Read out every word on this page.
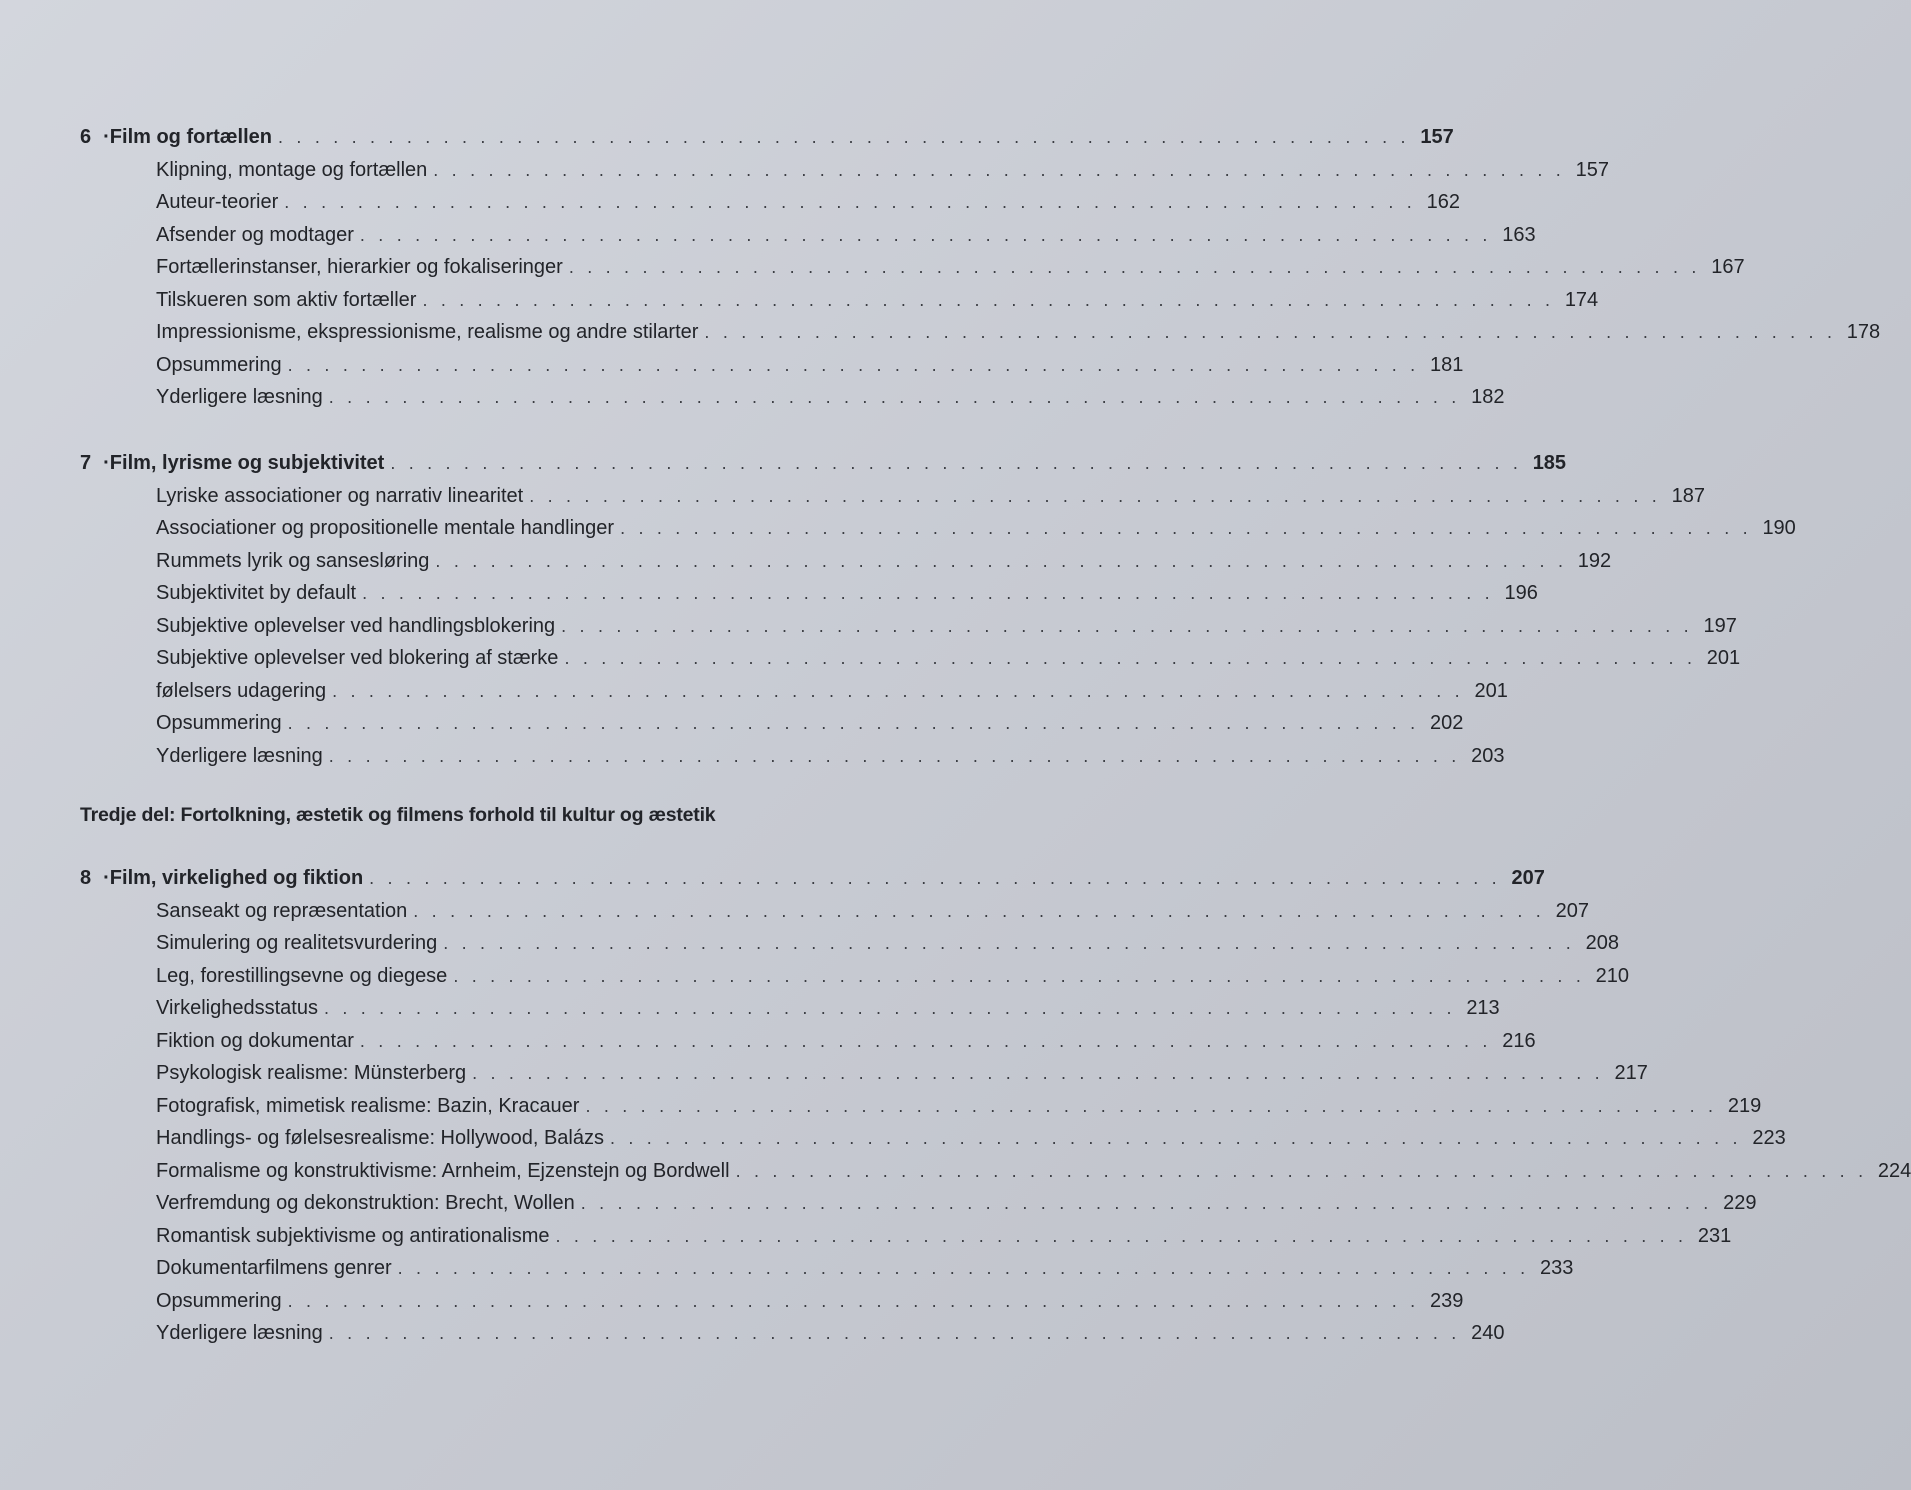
6 · Film og fortællen . . . . . . . . . . . . . . . . . . . . . . . . . . . . . . . . . . . . . . . . . . . . . . . . . . . . . . . . . . . . . . 157
Klipning, montage og fortællen . . . . . . . . . . . . . . . . . . . . . . . . . . . . . . . . . . . . . . . . . . . . . . . . . . . . . . . . . . . . . . 157
Auteur-teorier . . . . . . . . . . . . . . . . . . . . . . . . . . . . . . . . . . . . . . . . . . . . . . . . . . . . . . . . . . . . . . 162
Afsender og modtager . . . . . . . . . . . . . . . . . . . . . . . . . . . . . . . . . . . . . . . . . . . . . . . . . . . . . . . . . . . . . . 163
Fortællerinstanser, hierarkier og fokaliseringer . . . . . . . . . . . . . . . . . . . . . . . . . . . . . . . . . . . . . . . . . . . . . . . . . . . . . . . . . . . . . . 167
Tilskueren som aktiv fortæller . . . . . . . . . . . . . . . . . . . . . . . . . . . . . . . . . . . . . . . . . . . . . . . . . . . . . . . . . . . . . . 174
Impressionisme, ekspressionisme, realisme og andre stilarter . . . . . . . . . . . . . . . . . . . . . . . . . . . . . . . . . . . . . . . . . . . . . . . . . . . . . . . . . . . . . . 178
Opsummering . . . . . . . . . . . . . . . . . . . . . . . . . . . . . . . . . . . . . . . . . . . . . . . . . . . . . . . . . . . . . . 181
Yderligere læsning . . . . . . . . . . . . . . . . . . . . . . . . . . . . . . . . . . . . . . . . . . . . . . . . . . . . . . . . . . . . . . 182
7 · Film, lyrisme og subjektivitet . . . . . . . . . . . . . . . . . . . . . . . . . . . . . . . . . . . . . . . . . . . . . . . . . . . . . . . . . . . . . . 185
Lyriske associationer og narrativ linearitet . . . . . . . . . . . . . . . . . . . . . . . . . . . . . . . . . . . . . . . . . . . . . . . . . . . . . . . . . . . . . . 187
Associationer og propositionelle mentale handlinger . . . . . . . . . . . . . . . . . . . . . . . . . . . . . . . . . . . . . . . . . . . . . . . . . . . . . . . . . . . . . . 190
Rummets lyrik og sansesløring . . . . . . . . . . . . . . . . . . . . . . . . . . . . . . . . . . . . . . . . . . . . . . . . . . . . . . . . . . . . . . 192
Subjektivitet by default . . . . . . . . . . . . . . . . . . . . . . . . . . . . . . . . . . . . . . . . . . . . . . . . . . . . . . . . . . . . . . 196
Subjektive oplevelser ved handlingsblokering . . . . . . . . . . . . . . . . . . . . . . . . . . . . . . . . . . . . . . . . . . . . . . . . . . . . . . . . . . . . . . 197
Subjektive oplevelser ved blokering af stærke . . . . . . . . . . . . . . . . . . . . . . . . . . . . . . . . . . . . . . . . . . . . . . . . . . . . . . . . . . . . . . 201
følelsers udagering . . . . . . . . . . . . . . . . . . . . . . . . . . . . . . . . . . . . . . . . . . . . . . . . . . . . . . . . . . . . . . 201
Opsummering . . . . . . . . . . . . . . . . . . . . . . . . . . . . . . . . . . . . . . . . . . . . . . . . . . . . . . . . . . . . . . 202
Yderligere læsning . . . . . . . . . . . . . . . . . . . . . . . . . . . . . . . . . . . . . . . . . . . . . . . . . . . . . . . . . . . . . . 203
Tredje del: Fortolkning, æstetik og filmens forhold til kultur og æstetik
8 · Film, virkelighed og fiktion . . . . . . . . . . . . . . . . . . . . . . . . . . . . . . . . . . . . . . . . . . . . . . . . . . . . . . . . . . . . . . 207
Sanseakt og repræsentation . . . . . . . . . . . . . . . . . . . . . . . . . . . . . . . . . . . . . . . . . . . . . . . . . . . . . . . . . . . . . . 207
Simulering og realitetsvurdering . . . . . . . . . . . . . . . . . . . . . . . . . . . . . . . . . . . . . . . . . . . . . . . . . . . . . . . . . . . . . . 208
Leg, forestillingsevne og diegese . . . . . . . . . . . . . . . . . . . . . . . . . . . . . . . . . . . . . . . . . . . . . . . . . . . . . . . . . . . . . . 210
Virkelighedsstatus . . . . . . . . . . . . . . . . . . . . . . . . . . . . . . . . . . . . . . . . . . . . . . . . . . . . . . . . . . . . . . 213
Fiktion og dokumentar . . . . . . . . . . . . . . . . . . . . . . . . . . . . . . . . . . . . . . . . . . . . . . . . . . . . . . . . . . . . . . 216
Psykologisk realisme: Münsterberg . . . . . . . . . . . . . . . . . . . . . . . . . . . . . . . . . . . . . . . . . . . . . . . . . . . . . . . . . . . . . . 217
Fotografisk, mimetisk realisme: Bazin, Kracauer . . . . . . . . . . . . . . . . . . . . . . . . . . . . . . . . . . . . . . . . . . . . . . . . . . . . . . . . . . . . . . 219
Handlings- og følelsesrealisme: Hollywood, Balázs . . . . . . . . . . . . . . . . . . . . . . . . . . . . . . . . . . . . . . . . . . . . . . . . . . . . . . . . . . . . . . 223
Formalisme og konstruktivisme: Arnheim, Ejzenstejn og Bordwell . . . . . . . . . . . . . . . . . . . . . . . . . . . . . . . . . . . . . . . . . . . . . . . . . . . . . . . . . . . . . . 224
Verfremdung og dekonstruktion: Brecht, Wollen . . . . . . . . . . . . . . . . . . . . . . . . . . . . . . . . . . . . . . . . . . . . . . . . . . . . . . . . . . . . . . 229
Romantisk subjektivisme og antirationalisme . . . . . . . . . . . . . . . . . . . . . . . . . . . . . . . . . . . . . . . . . . . . . . . . . . . . . . . . . . . . . . 231
Dokumentarfilmens genrer . . . . . . . . . . . . . . . . . . . . . . . . . . . . . . . . . . . . . . . . . . . . . . . . . . . . . . . . . . . . . . 233
Opsummering . . . . . . . . . . . . . . . . . . . . . . . . . . . . . . . . . . . . . . . . . . . . . . . . . . . . . . . . . . . . . . 239
Yderligere læsning . . . . . . . . . . . . . . . . . . . . . . . . . . . . . . . . . . . . . . . . . . . . . . . . . . . . . . . . . . . . . . 240
